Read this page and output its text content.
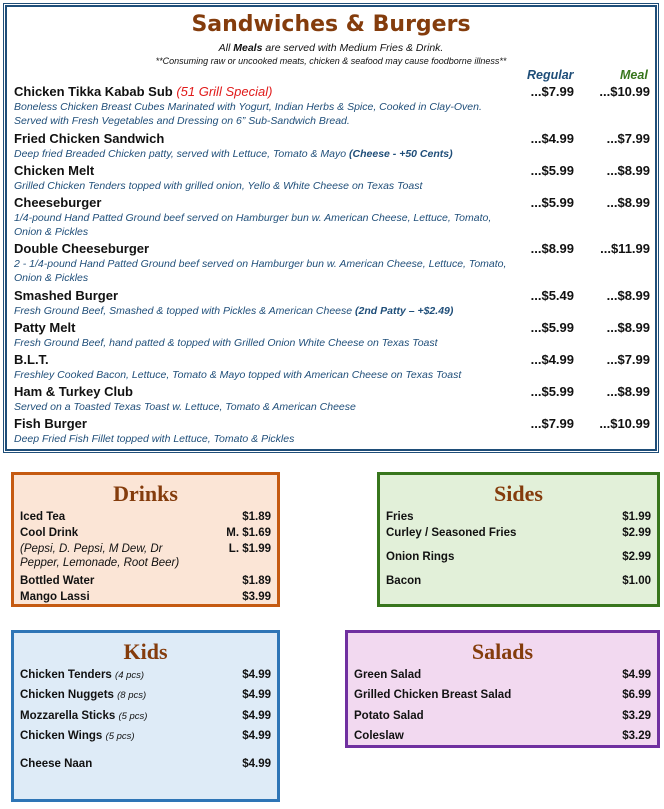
Sandwiches & Burgers
All Meals are served with Medium Fries & Drink.
**Consuming raw or uncooked meats, chicken & seafood may cause foodborne illness**
Regular	Meal
Chicken Tikka Kabab Sub (51 Grill Special)
Boneless Chicken Breast Cubes Marinated with Yogurt, Indian Herbs & Spice, Cooked in Clay-Oven. Served with Fresh Vegetables and Dressing on 6” Sub-Sandwich Bread.
...$7.99 ...$10.99
Fried Chicken Sandwich
Deep fried Breaded Chicken patty, served with Lettuce, Tomato & Mayo (Cheese - +50 Cents)
...$4.99	...$7.99
Chicken Melt
Grilled Chicken Tenders topped with grilled onion, Yello & White Cheese on Texas Toast
...$5.99	...$8.99
Cheeseburger
1/4-pound Hand Patted Ground beef served on Hamburger bun w. American Cheese, Lettuce, Tomato, Onion & Pickles
...$5.99	...$8.99
Double Cheeseburger
2 - 1/4-pound Hand Patted Ground beef served on Hamburger bun w. American Cheese, Lettuce, Tomato, Onion & Pickles
...$8.99 ...$11.99
Smashed Burger
Fresh Ground Beef, Smashed & topped with Pickles & American Cheese (2nd Patty – +$2.49)
...$5.49	...$8.99
Patty Melt
Fresh Ground Beef, hand patted & topped with Grilled Onion White Cheese on Texas Toast
...$5.99	...$8.99
B.L.T.
Freshley Cooked Bacon, Lettuce, Tomato & Mayo topped with American Cheese on Texas Toast
...$4.99	...$7.99
Ham & Turkey Club
Served on a Toasted Texas Toast w. Lettuce, Tomato & American Cheese
...$5.99	...$8.99
Fish Burger
Deep Fried Fish Fillet topped with Lettuce, Tomato & Pickles
...$7.99 ...$10.99
Drinks
Iced Tea	$1.89
Cool Drink	M. $1.69
(Pepsi, D. Pepsi, M Dew, Dr Pepper, Lemonade, Root Beer)
L. $1.99
Bottled Water	$1.89
Mango Lassi	$3.99
Sides
Fries	$1.99
Curley / Seasoned Fries	$2.99
Onion Rings	$2.99
Bacon	$1.00
Kids
Chicken Tenders (4 pcs)	$4.99
Chicken Nuggets (8 pcs)	$4.99
Mozzarella Sticks (5 pcs)	$4.99
Chicken Wings (5 pcs)	$4.99
Cheese Naan	$4.99
Salads
Green Salad	$4.99
Grilled Chicken Breast Salad	$6.99
Potato Salad	$3.29
Coleslaw	$3.29
